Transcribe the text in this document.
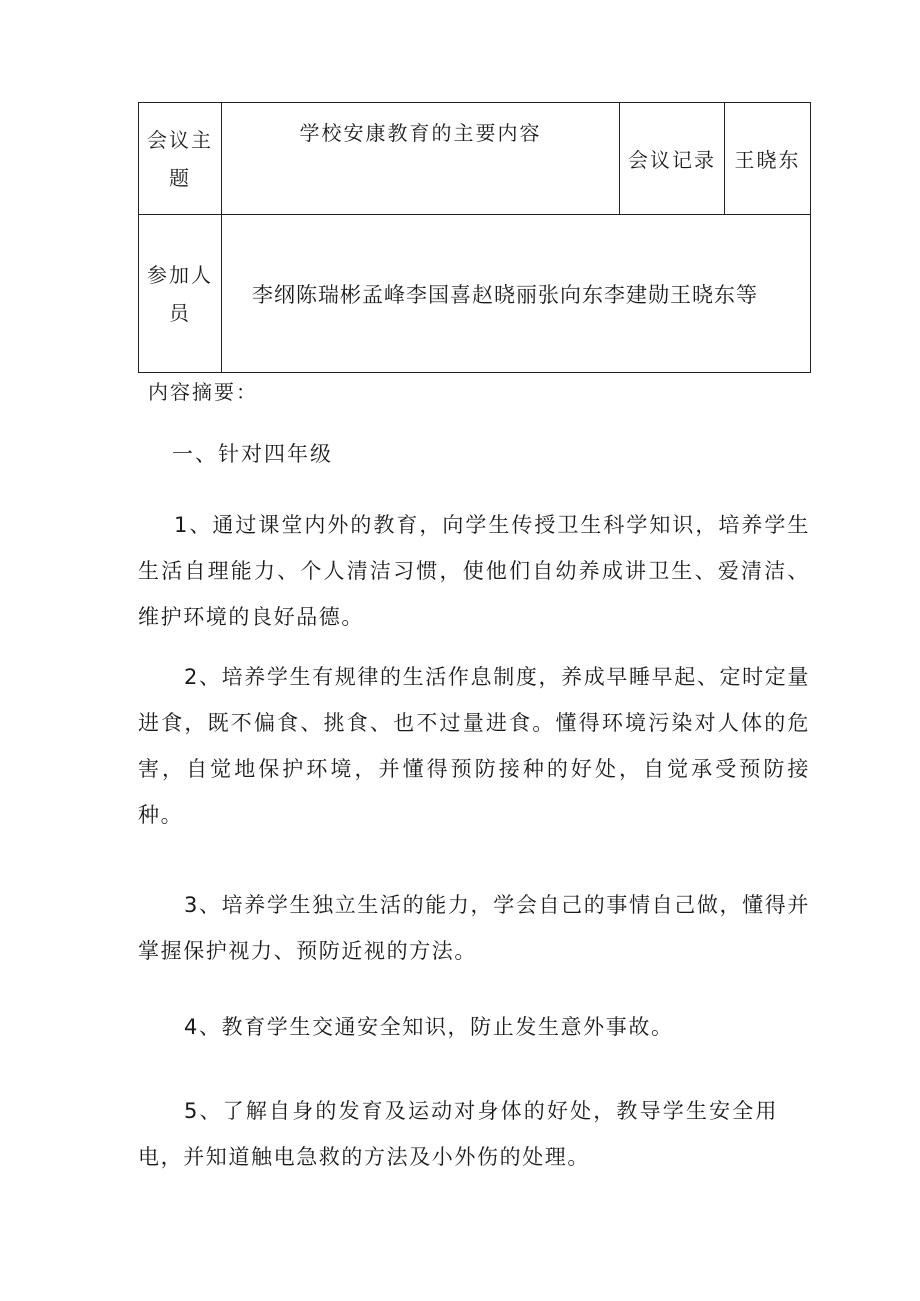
会议主题	学校安康教育的主要内容	会议记录	王晓东
参加人员	李纲陈瑞彬孟峰李国喜赵晓丽张向东李建勋王晓东等		
内容摘要：
一、针对四年级

1、通过课堂内外的教育，向学生传授卫生科学知识，培养学生生活自理能力、个人清洁习惯，使他们自幼养成讲卫生、爱清洁、维护环境的良好品德。

2、培养学生有规律的生活作息制度，养成早睡早起、定时定量进食，既不偏食、挑食、也不过量进食。懂得环境污染对人体的危害，自觉地保护环境，并懂得预防接种的好处，自觉承受预防接种。

3、培养学生独立生活的能力，学会自己的事情自己做，懂得并掌握保护视力、预防近视的方法。

4、教育学生交通安全知识，防止发生意外事故。

5、了解自身的发育及运动对身体的好处，教导学生安全用电，并知道触电急救的方法及小外伤的处理。
